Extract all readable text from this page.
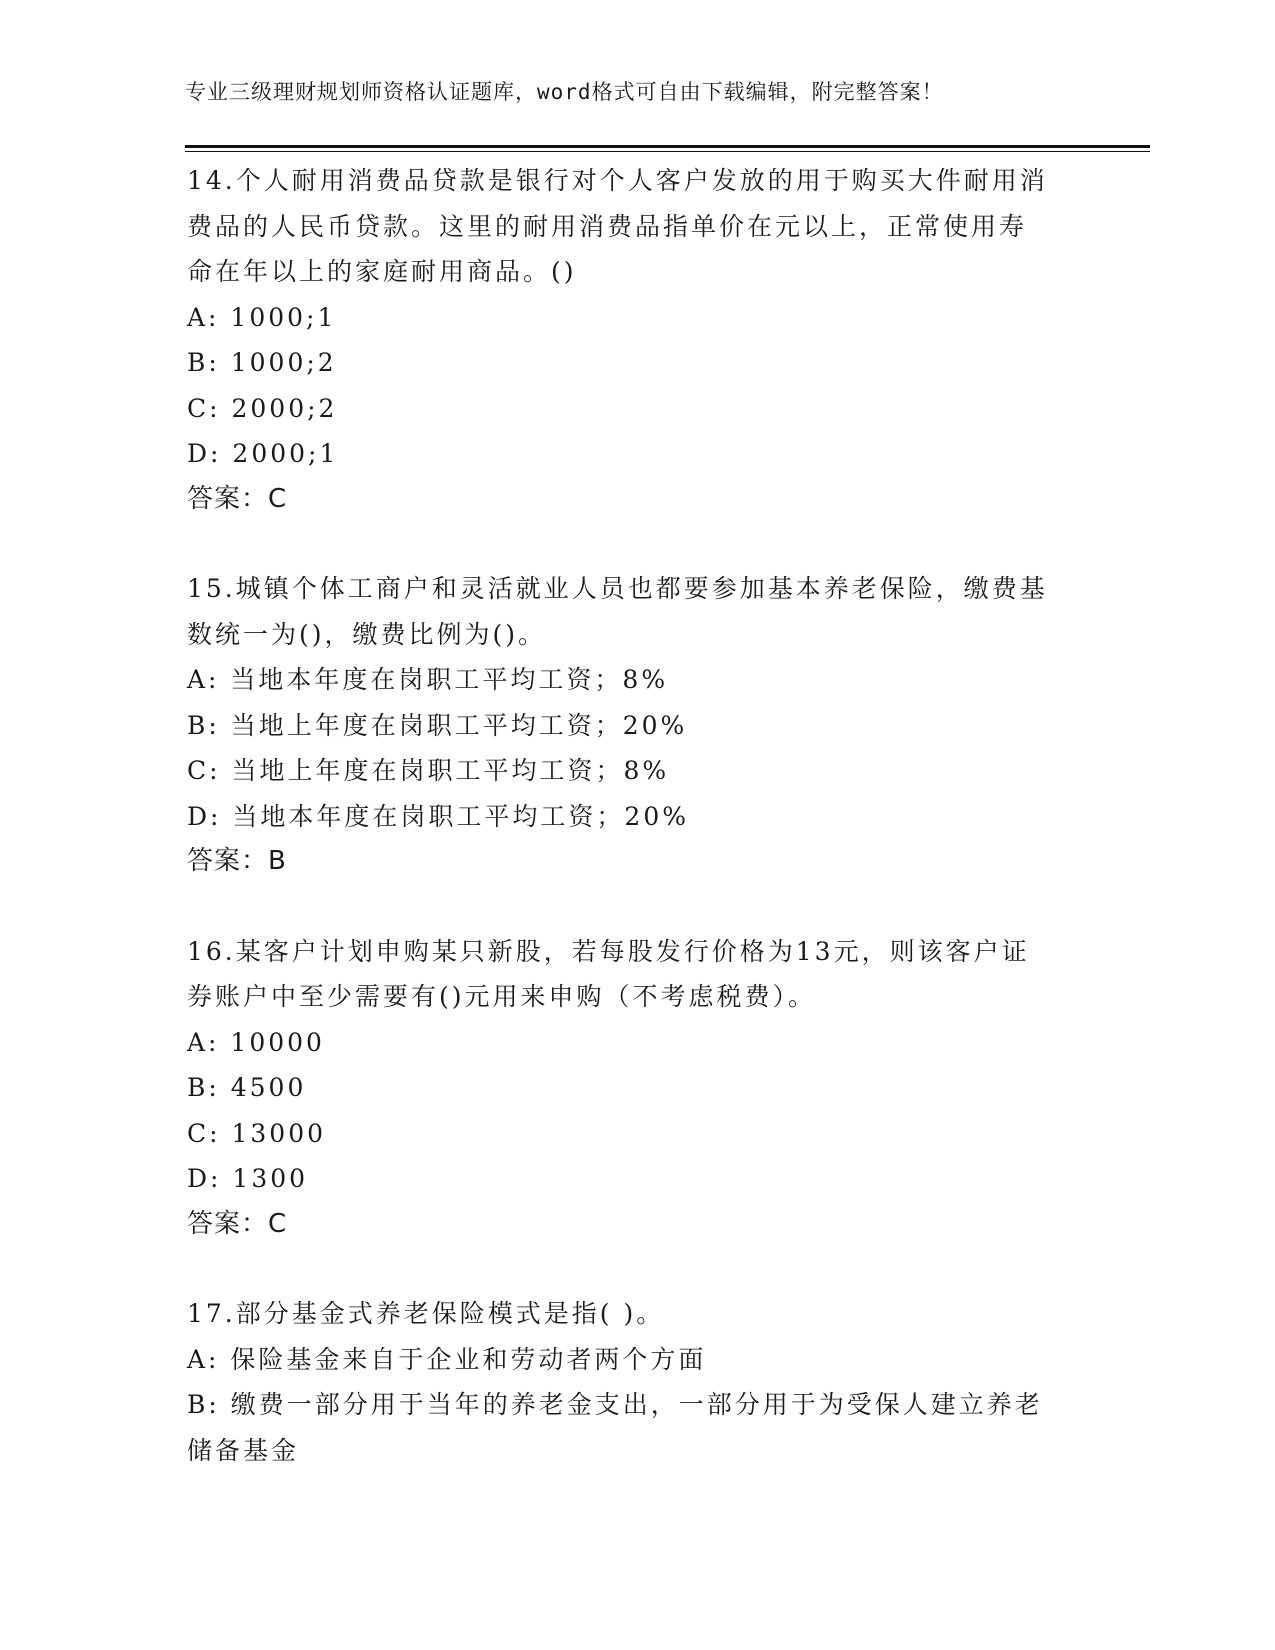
专业三级理财规划师资格认证题库，word格式可自由下载编辑，附完整答案！
14.个人耐用消费品贷款是银行对个人客户发放的用于购买大件耐用消
费品的人民币贷款。这里的耐用消费品指单价在元以上，正常使用寿
命在年以上的家庭耐用商品。()
A: 1000;1
B: 1000;2
C: 2000;2
D: 2000;1
答案：C
15.城镇个体工商户和灵活就业人员也都要参加基本养老保险，缴费基
数统一为()，缴费比例为()。
A: 当地本年度在岗职工平均工资；8%
B: 当地上年度在岗职工平均工资；20%
C: 当地上年度在岗职工平均工资；8%
D: 当地本年度在岗职工平均工资；20%
答案：B
16.某客户计划申购某只新股，若每股发行价格为13元，则该客户证
券账户中至少需要有()元用来申购（不考虑税费）。
A: 10000
B: 4500
C: 13000
D: 1300
答案：C
17.部分基金式养老保险模式是指( )。
A: 保险基金来自于企业和劳动者两个方面
B: 缴费一部分用于当年的养老金支出，一部分用于为受保人建立养老
储备基金
